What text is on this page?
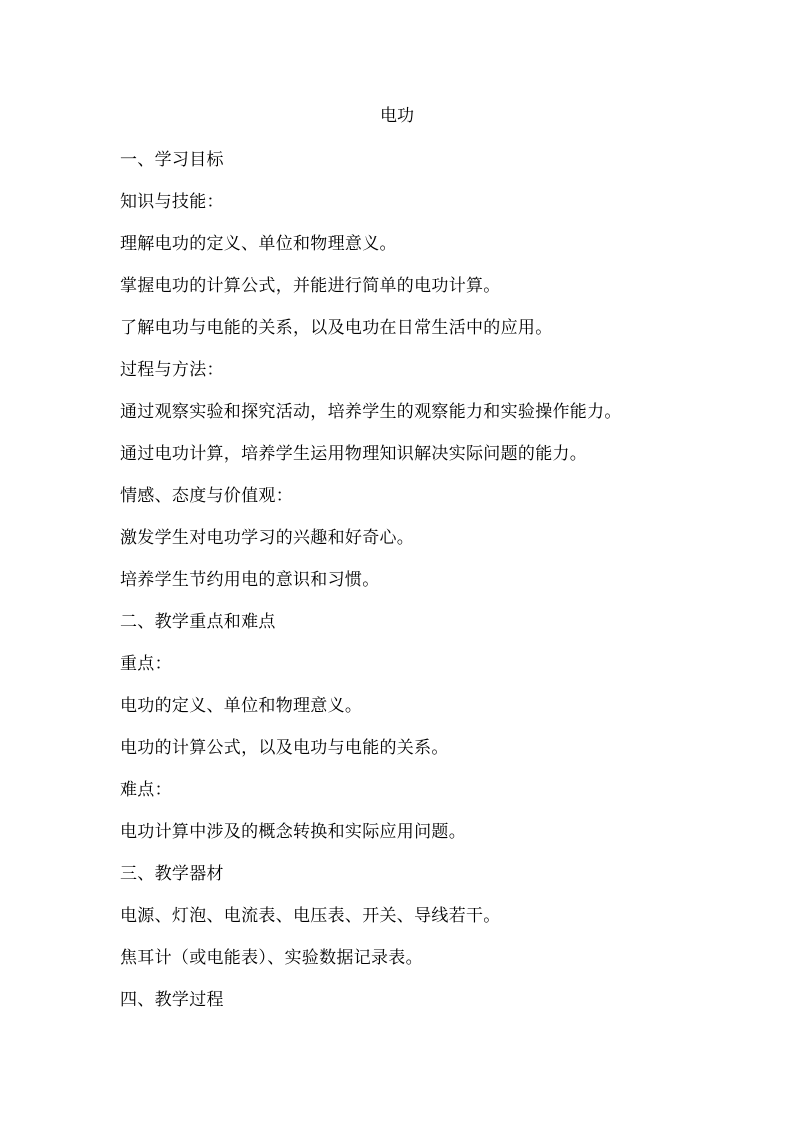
电功
一、学习目标
知识与技能：
理解电功的定义、单位和物理意义。
掌握电功的计算公式，并能进行简单的电功计算。
了解电功与电能的关系，以及电功在日常生活中的应用。
过程与方法：
通过观察实验和探究活动，培养学生的观察能力和实验操作能力。
通过电功计算，培养学生运用物理知识解决实际问题的能力。
情感、态度与价值观：
激发学生对电功学习的兴趣和好奇心。
培养学生节约用电的意识和习惯。
二、教学重点和难点
重点：
电功的定义、单位和物理意义。
电功的计算公式，以及电功与电能的关系。
难点：
电功计算中涉及的概念转换和实际应用问题。
三、教学器材
电源、灯泡、电流表、电压表、开关、导线若干。
焦耳计（或电能表）、实验数据记录表。
四、教学过程
